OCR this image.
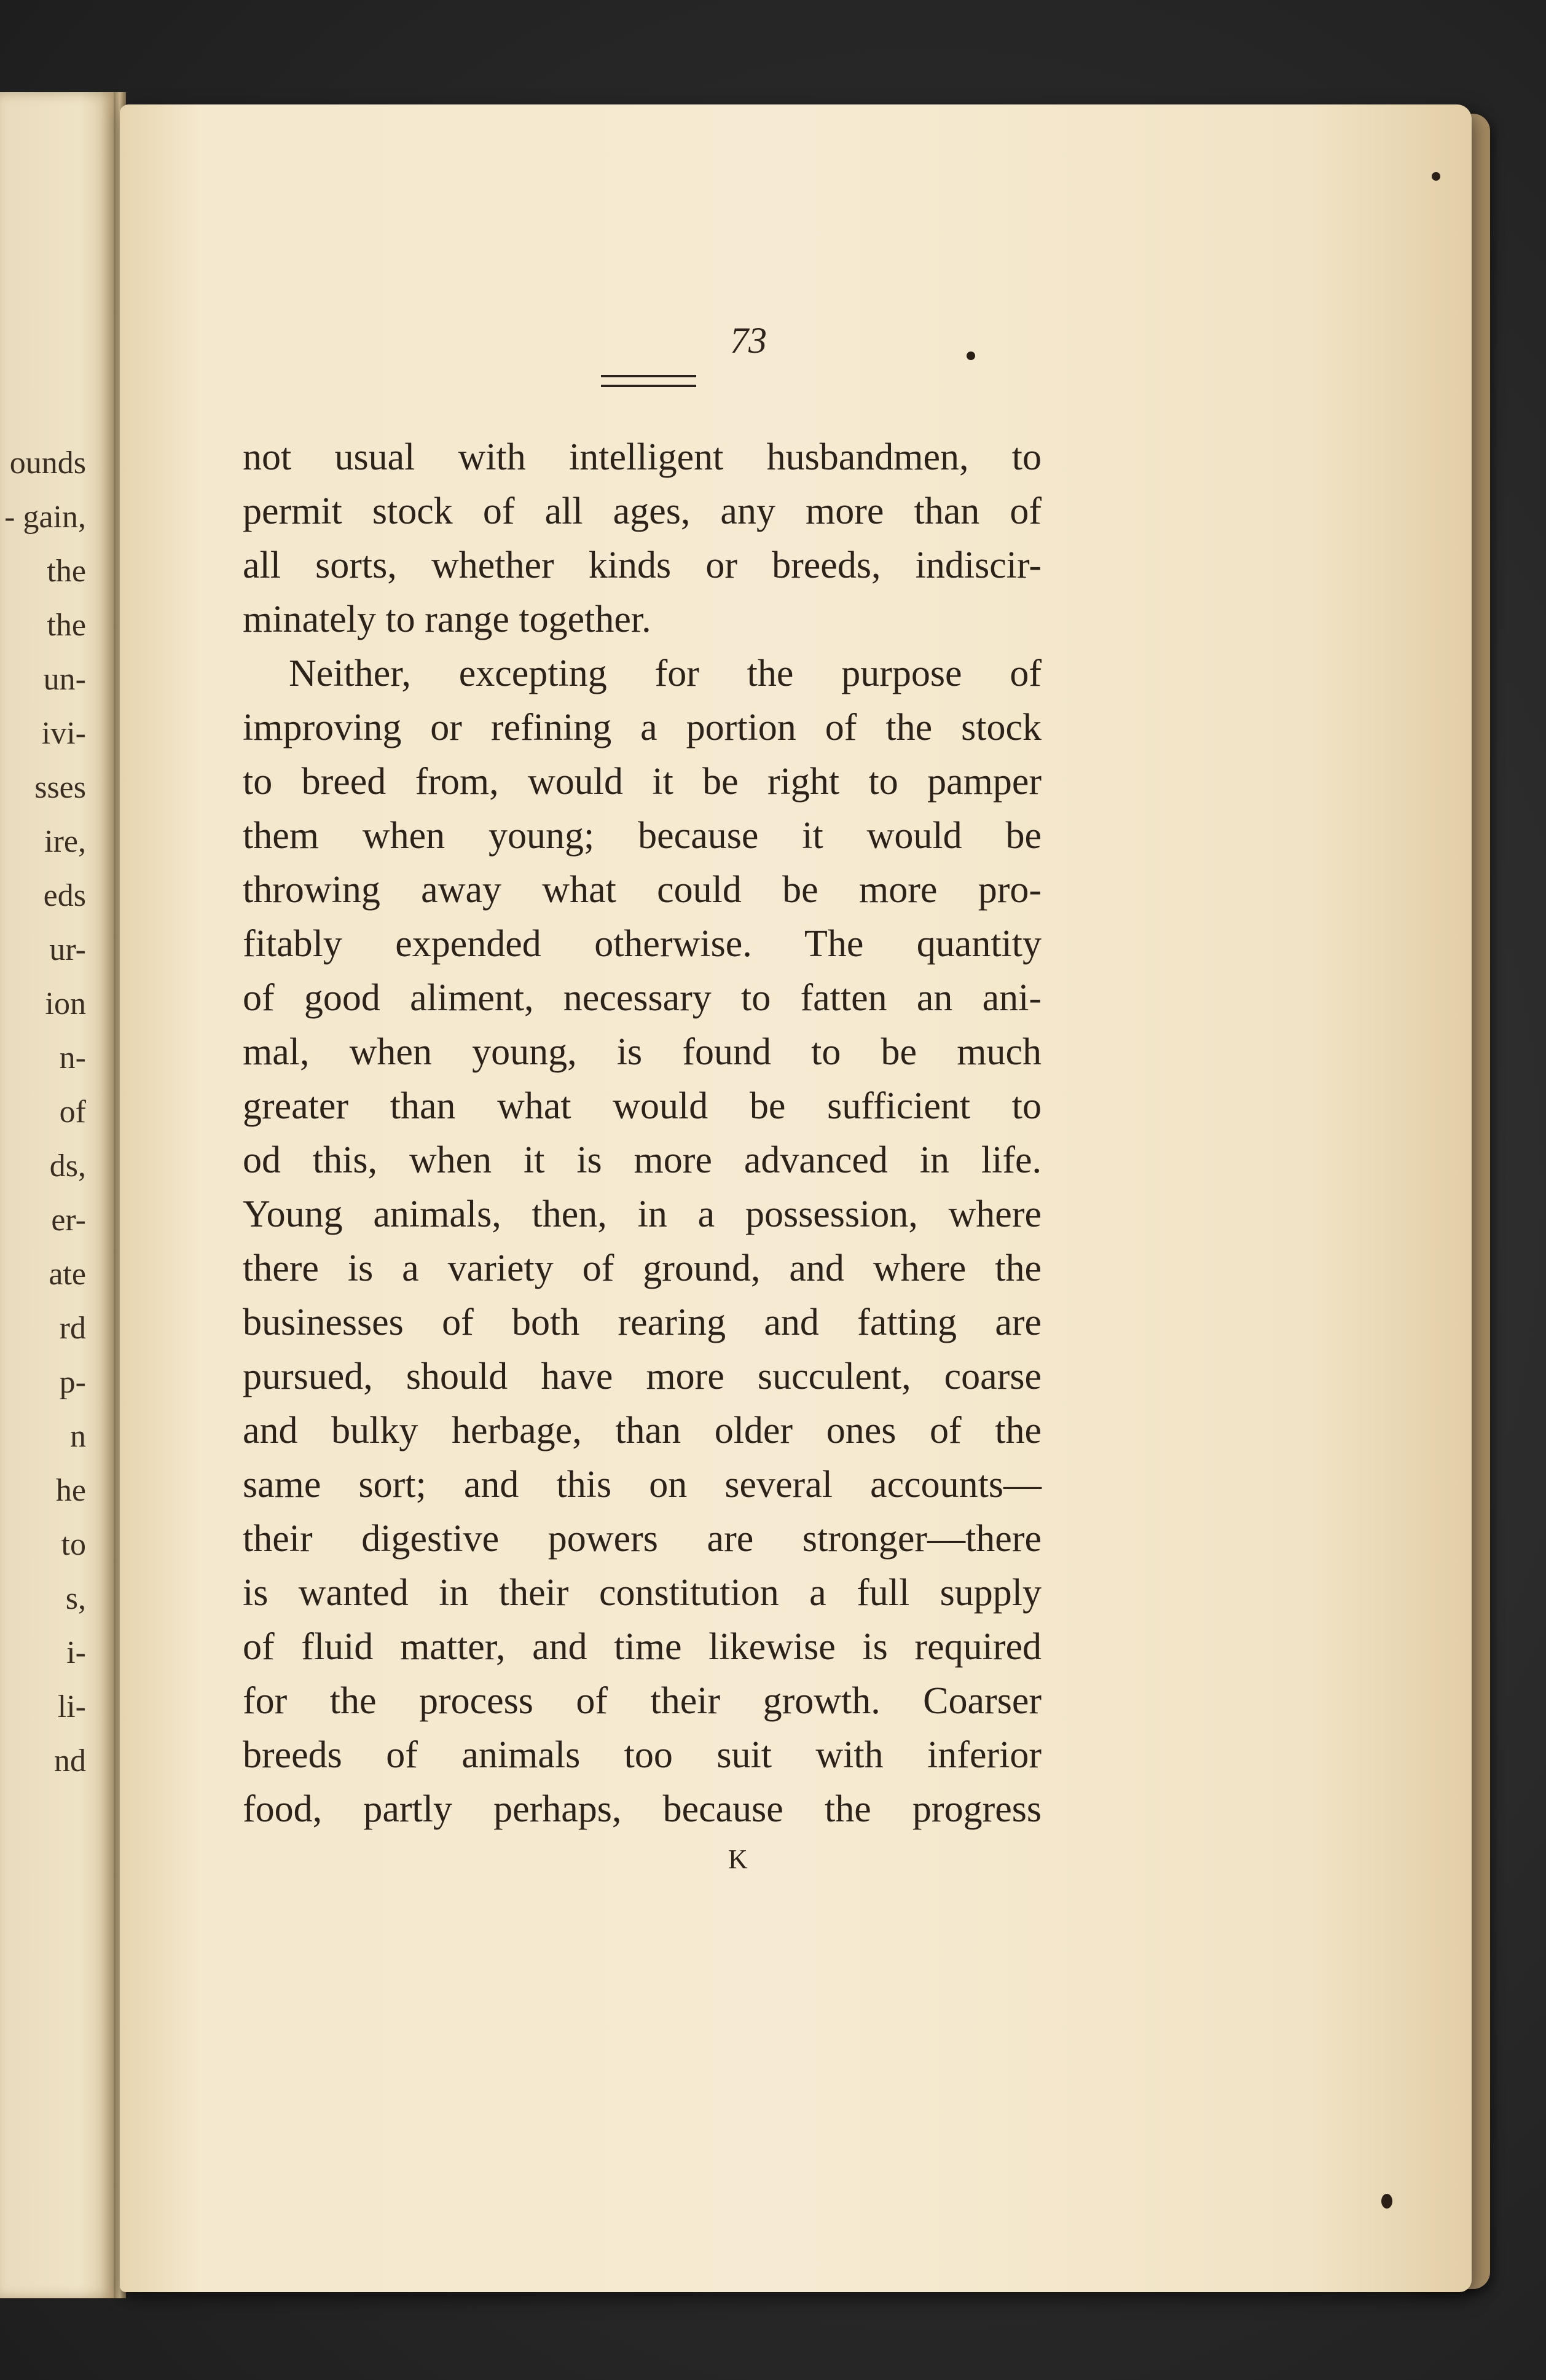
ounds
- gain,
the
the
un-
ivi-
sses
ire,
eds
ur-
ion
n-
of
ds,
er-
ate
rd
p-
n
he
to
s,
i-
li-
nd
73
not usual with intelligent husbandmen, to
permit stock of all ages, any more than of
all sorts, whether kinds or breeds, indiscir-
minately to range together.
Neither, excepting for the purpose of
improving or refining a portion of the stock
to breed from, would it be right to pamper
them when young; because it would be
throwing away what could be more pro-
fitably expended otherwise. The quantity
of good aliment, necessary to fatten an ani-
mal, when young, is found to be much
greater than what would be sufficient to
od this, when it is more advanced in life.
Young animals, then, in a possession, where
there is a variety of ground, and where the
businesses of both rearing and fatting are
pursued, should have more succulent, coarse
and bulky herbage, than older ones of the
same sort; and this on several accounts—
their digestive powers are stronger—there
is wanted in their constitution a full supply
of fluid matter, and time likewise is required
for the process of their growth. Coarser
breeds of animals too suit with inferior
food, partly perhaps, because the progress
K
